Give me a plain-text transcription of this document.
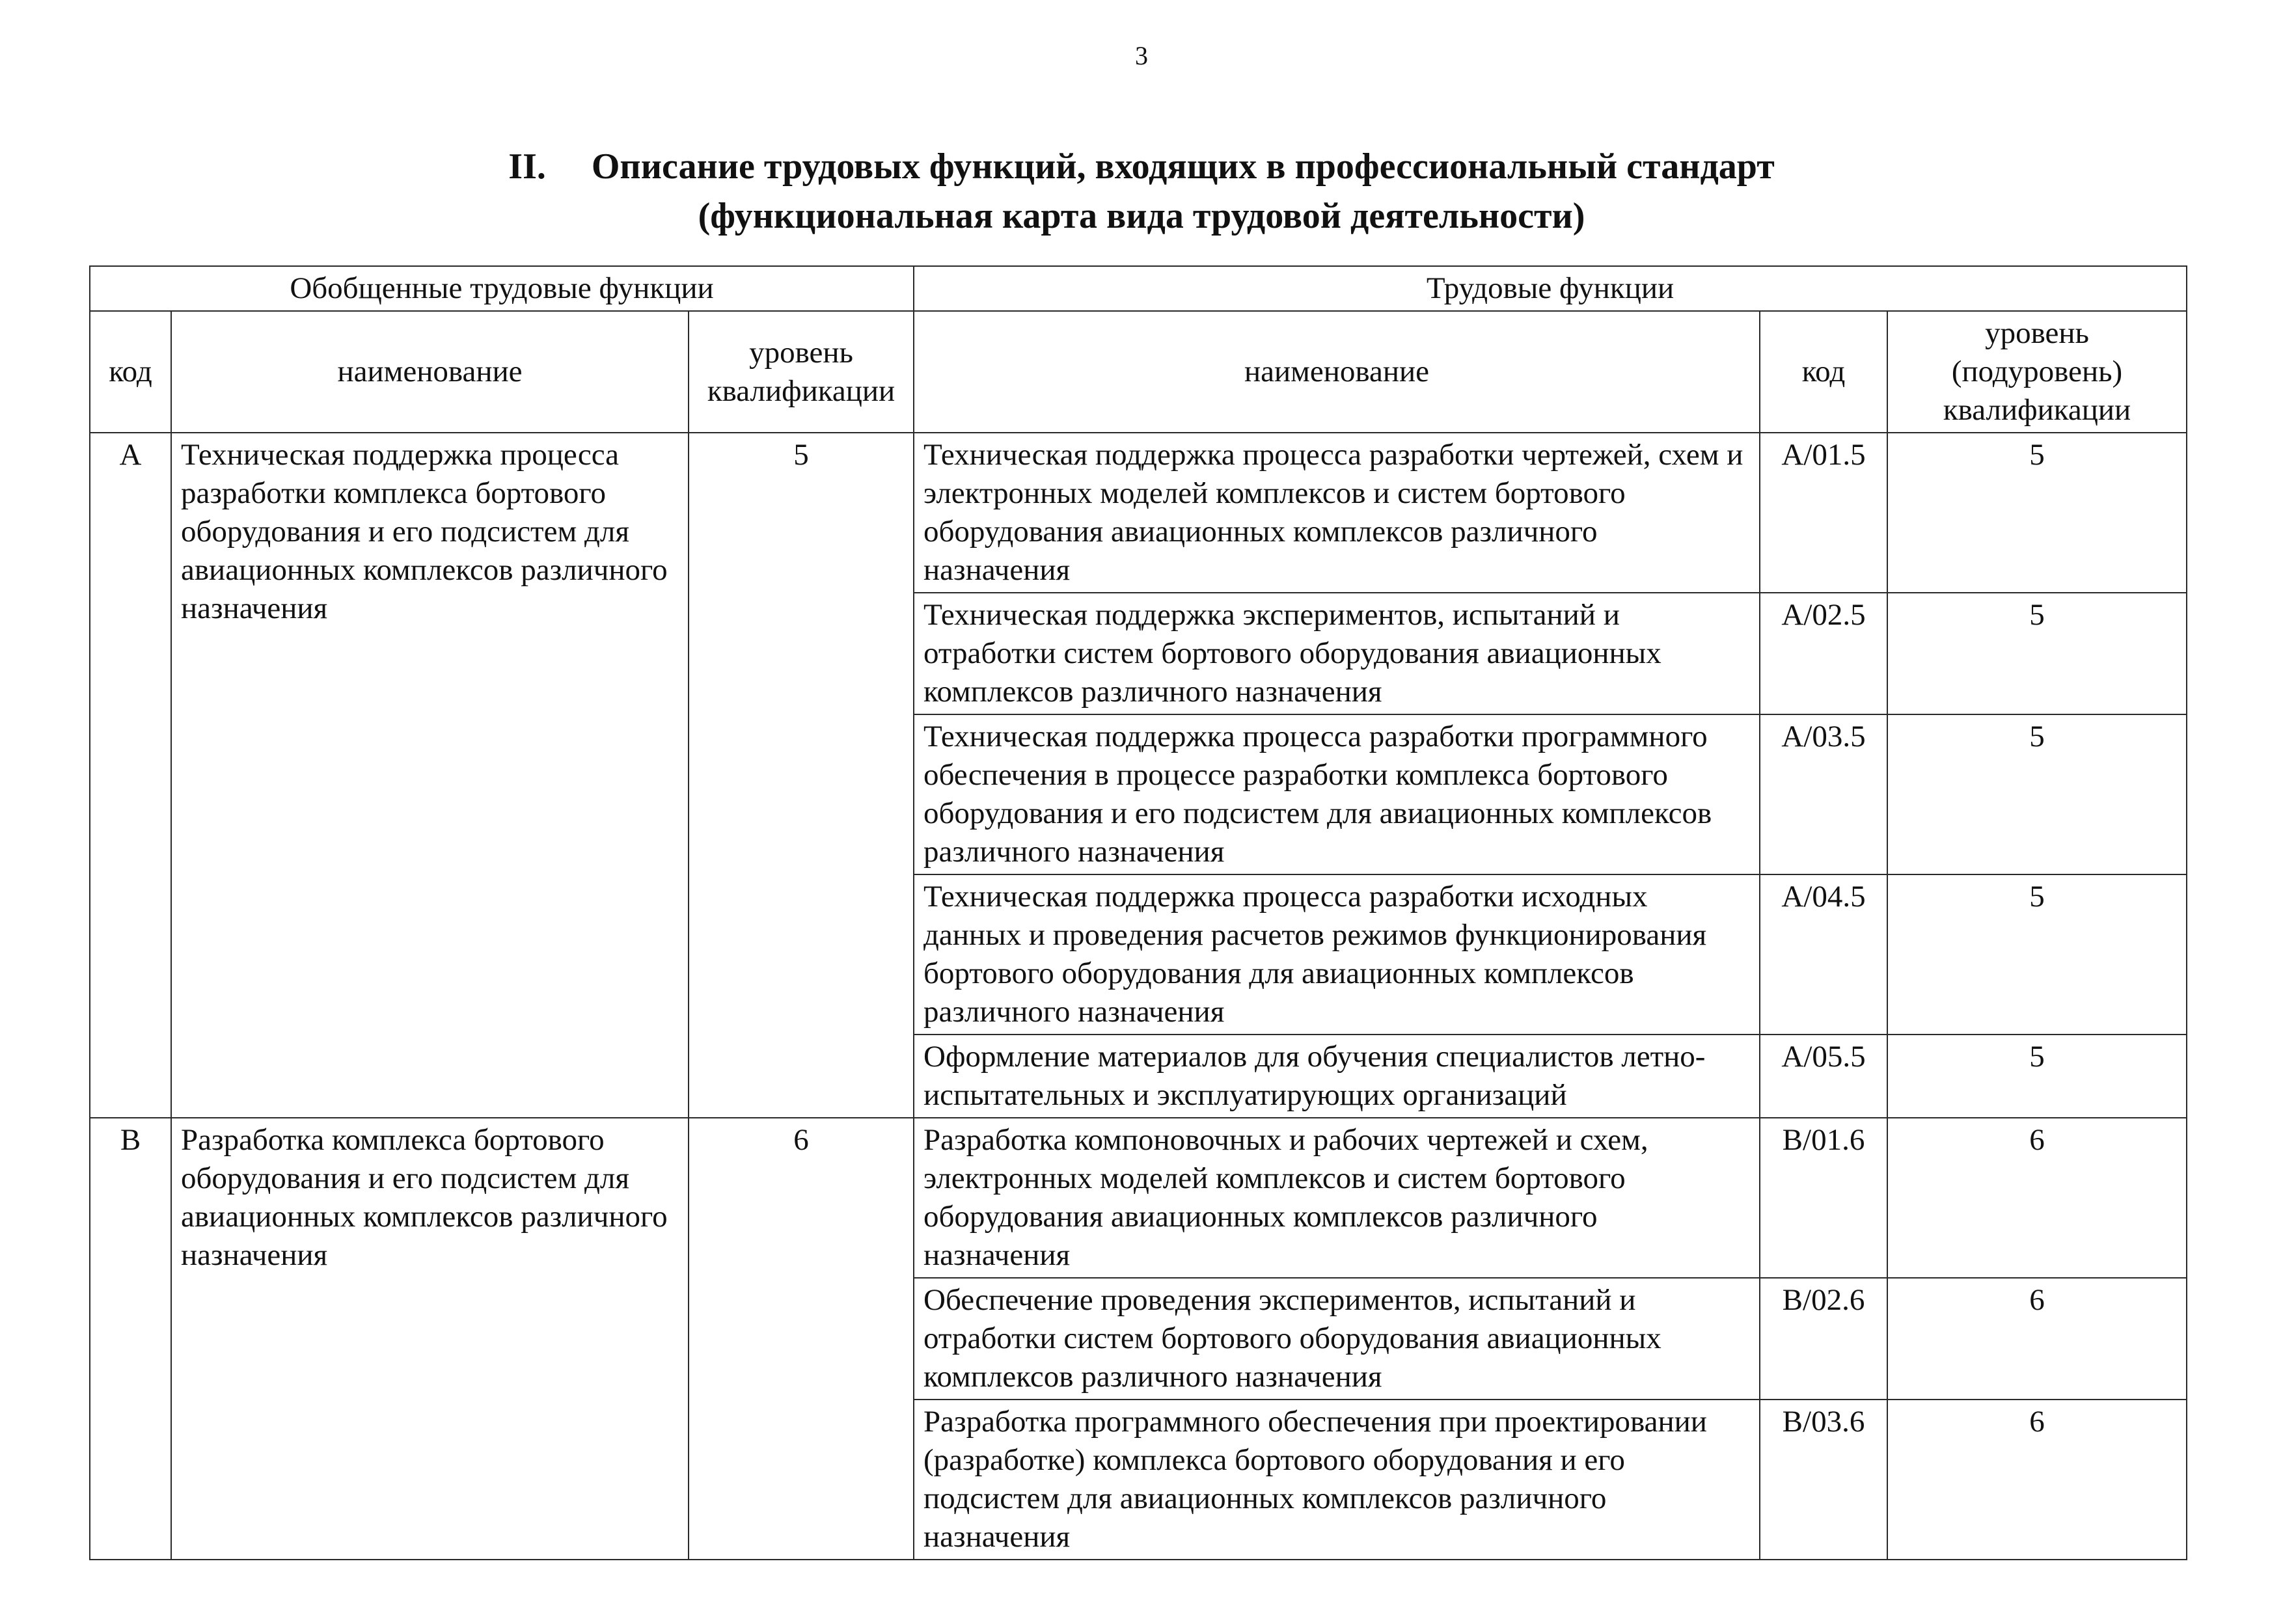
3
II. Описание трудовых функций, входящих в профессиональный стандарт
(функциональная карта вида трудовой деятельности)
Обобщенные трудовые функции			Трудовые функции		
код	наименование	уровень квалификации	наименование	код	уровень (подуровень) квалификации
А	Техническая поддержка процесса разработки комплекса бортового оборудования и его подсистем для авиационных комплексов различного назначения	5	Техническая поддержка процесса разработки чертежей, схем и электронных моделей комплексов и систем бортового оборудования авиационных комплексов различного назначения	А/01.5	5
			Техническая поддержка экспериментов, испытаний и отработки систем бортового оборудования авиационных комплексов различного назначения	А/02.5	5
			Техническая поддержка процесса разработки программного обеспечения в процессе разработки комплекса бортового оборудования и его подсистем для авиационных комплексов различного назначения	А/03.5	5
			Техническая поддержка процесса разработки исходных данных и проведения расчетов режимов функционирования бортового оборудования для авиационных комплексов различного назначения	А/04.5	5
			Оформление материалов для обучения специалистов летно-испытательных и эксплуатирующих организаций	А/05.5	5
В	Разработка комплекса бортового оборудования и его подсистем для авиационных комплексов различного назначения	6	Разработка компоновочных и рабочих чертежей и схем, электронных моделей комплексов и систем бортового оборудования авиационных комплексов различного назначения	В/01.6	6
			Обеспечение проведения экспериментов, испытаний и отработки систем бортового оборудования авиационных комплексов различного назначения	В/02.6	6
			Разработка программного обеспечения при проектировании (разработке) комплекса бортового оборудования и его подсистем для авиационных комплексов различного назначения	В/03.6	6
